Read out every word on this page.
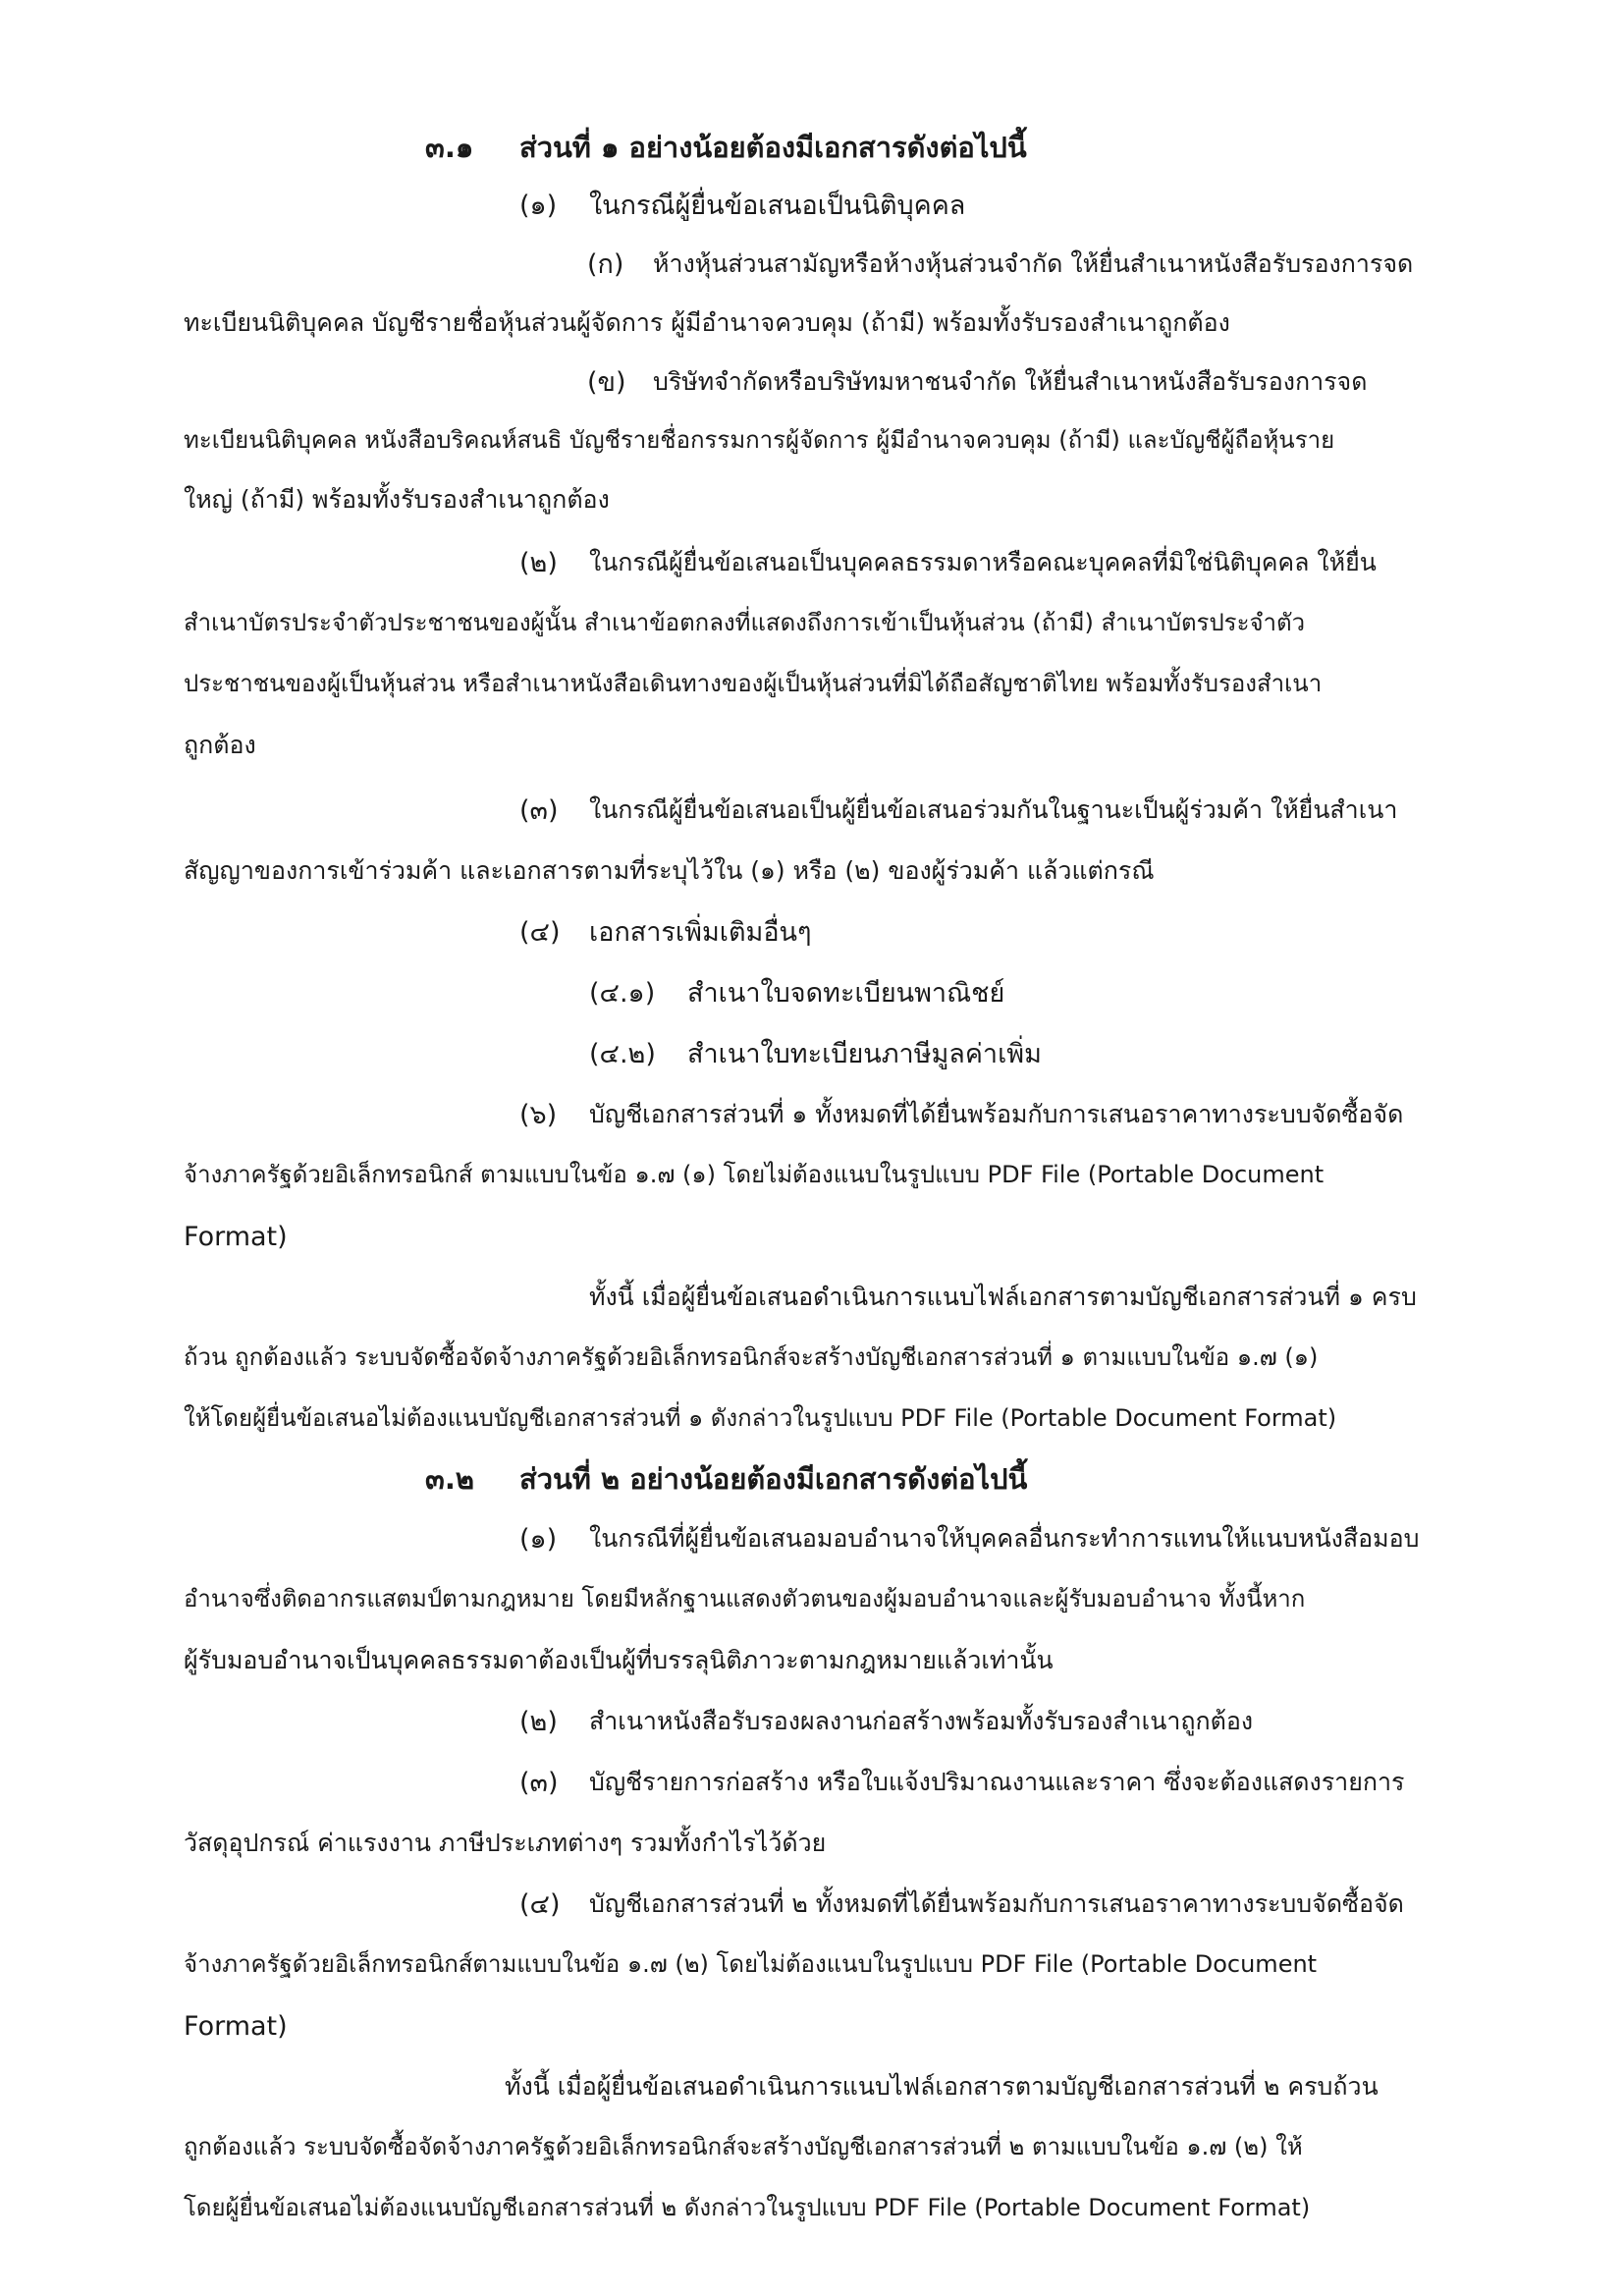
๓.๑ ส่วนที่ ๑ อย่างน้อยต้องมีเอกสารดังต่อไปนี้
(๑) ในกรณีผู้ยื่นข้อเสนอเป็นนิติบุคคล
(ก) ห้างหุ้นส่วนสามัญหรือห้างหุ้นส่วนจำกัด ให้ยื่นสำเนาหนังสือรับรองการจด
ทะเบียนนิติบุคคล บัญชีรายชื่อหุ้นส่วนผู้จัดการ ผู้มีอำนาจควบคุม (ถ้ามี) พร้อมทั้งรับรองสำเนาถูกต้อง
(ข) บริษัทจำกัดหรือบริษัทมหาชนจำกัด ให้ยื่นสำเนาหนังสือรับรองการจด
ทะเบียนนิติบุคคล หนังสือบริคณห์สนธิ บัญชีรายชื่อกรรมการผู้จัดการ ผู้มีอำนาจควบคุม (ถ้ามี) และบัญชีผู้ถือหุ้นราย
ใหญ่ (ถ้ามี) พร้อมทั้งรับรองสำเนาถูกต้อง
(๒) ในกรณีผู้ยื่นข้อเสนอเป็นบุคคลธรรมดาหรือคณะบุคคลที่มิใช่นิติบุคคล ให้ยื่น
สำเนาบัตรประจำตัวประชาชนของผู้นั้น สำเนาข้อตกลงที่แสดงถึงการเข้าเป็นหุ้นส่วน (ถ้ามี) สำเนาบัตรประจำตัว
ประชาชนของผู้เป็นหุ้นส่วน หรือสำเนาหนังสือเดินทางของผู้เป็นหุ้นส่วนที่มิได้ถือสัญชาติไทย พร้อมทั้งรับรองสำเนา
ถูกต้อง
(๓) ในกรณีผู้ยื่นข้อเสนอเป็นผู้ยื่นข้อเสนอร่วมกันในฐานะเป็นผู้ร่วมค้า ให้ยื่นสำเนา
สัญญาของการเข้าร่วมค้า และเอกสารตามที่ระบุไว้ใน (๑) หรือ (๒) ของผู้ร่วมค้า แล้วแต่กรณี
(๔) เอกสารเพิ่มเติมอื่นๆ
(๔.๑) สำเนาใบจดทะเบียนพาณิชย์
(๔.๒) สำเนาใบทะเบียนภาษีมูลค่าเพิ่ม
(๖) บัญชีเอกสารส่วนที่ ๑ ทั้งหมดที่ได้ยื่นพร้อมกับการเสนอราคาทางระบบจัดซื้อจัด
จ้างภาครัฐด้วยอิเล็กทรอนิกส์ ตามแบบในข้อ ๑.๗ (๑) โดยไม่ต้องแนบในรูปแบบ PDF File (Portable Document
Format)
ทั้งนี้ เมื่อผู้ยื่นข้อเสนอดำเนินการแนบไฟล์เอกสารตามบัญชีเอกสารส่วนที่ ๑ ครบ
ถ้วน ถูกต้องแล้ว ระบบจัดซื้อจัดจ้างภาครัฐด้วยอิเล็กทรอนิกส์จะสร้างบัญชีเอกสารส่วนที่ ๑ ตามแบบในข้อ ๑.๗ (๑)
ให้โดยผู้ยื่นข้อเสนอไม่ต้องแนบบัญชีเอกสารส่วนที่ ๑ ดังกล่าวในรูปแบบ PDF File (Portable Document Format)
๓.๒ ส่วนที่ ๒ อย่างน้อยต้องมีเอกสารดังต่อไปนี้
(๑) ในกรณีที่ผู้ยื่นข้อเสนอมอบอำนาจให้บุคคลอื่นกระทำการแทนให้แนบหนังสือมอบ
อำนาจซึ่งติดอากรแสตมป์ตามกฎหมาย โดยมีหลักฐานแสดงตัวตนของผู้มอบอำนาจและผู้รับมอบอำนาจ ทั้งนี้หาก
ผู้รับมอบอำนาจเป็นบุคคลธรรมดาต้องเป็นผู้ที่บรรลุนิติภาวะตามกฎหมายแล้วเท่านั้น
(๒) สำเนาหนังสือรับรองผลงานก่อสร้างพร้อมทั้งรับรองสำเนาถูกต้อง
(๓) บัญชีรายการก่อสร้าง หรือใบแจ้งปริมาณงานและราคา ซึ่งจะต้องแสดงรายการ
วัสดุอุปกรณ์ ค่าแรงงาน ภาษีประเภทต่างๆ รวมทั้งกำไรไว้ด้วย
(๔) บัญชีเอกสารส่วนที่ ๒ ทั้งหมดที่ได้ยื่นพร้อมกับการเสนอราคาทางระบบจัดซื้อจัด
จ้างภาครัฐด้วยอิเล็กทรอนิกส์ตามแบบในข้อ ๑.๗ (๒) โดยไม่ต้องแนบในรูปแบบ PDF File (Portable Document
Format)
ทั้งนี้ เมื่อผู้ยื่นข้อเสนอดำเนินการแนบไฟล์เอกสารตามบัญชีเอกสารส่วนที่ ๒ ครบถ้วน
ถูกต้องแล้ว ระบบจัดซื้อจัดจ้างภาครัฐด้วยอิเล็กทรอนิกส์จะสร้างบัญชีเอกสารส่วนที่ ๒ ตามแบบในข้อ ๑.๗ (๒) ให้
โดยผู้ยื่นข้อเสนอไม่ต้องแนบบัญชีเอกสารส่วนที่ ๒ ดังกล่าวในรูปแบบ PDF File (Portable Document Format)
